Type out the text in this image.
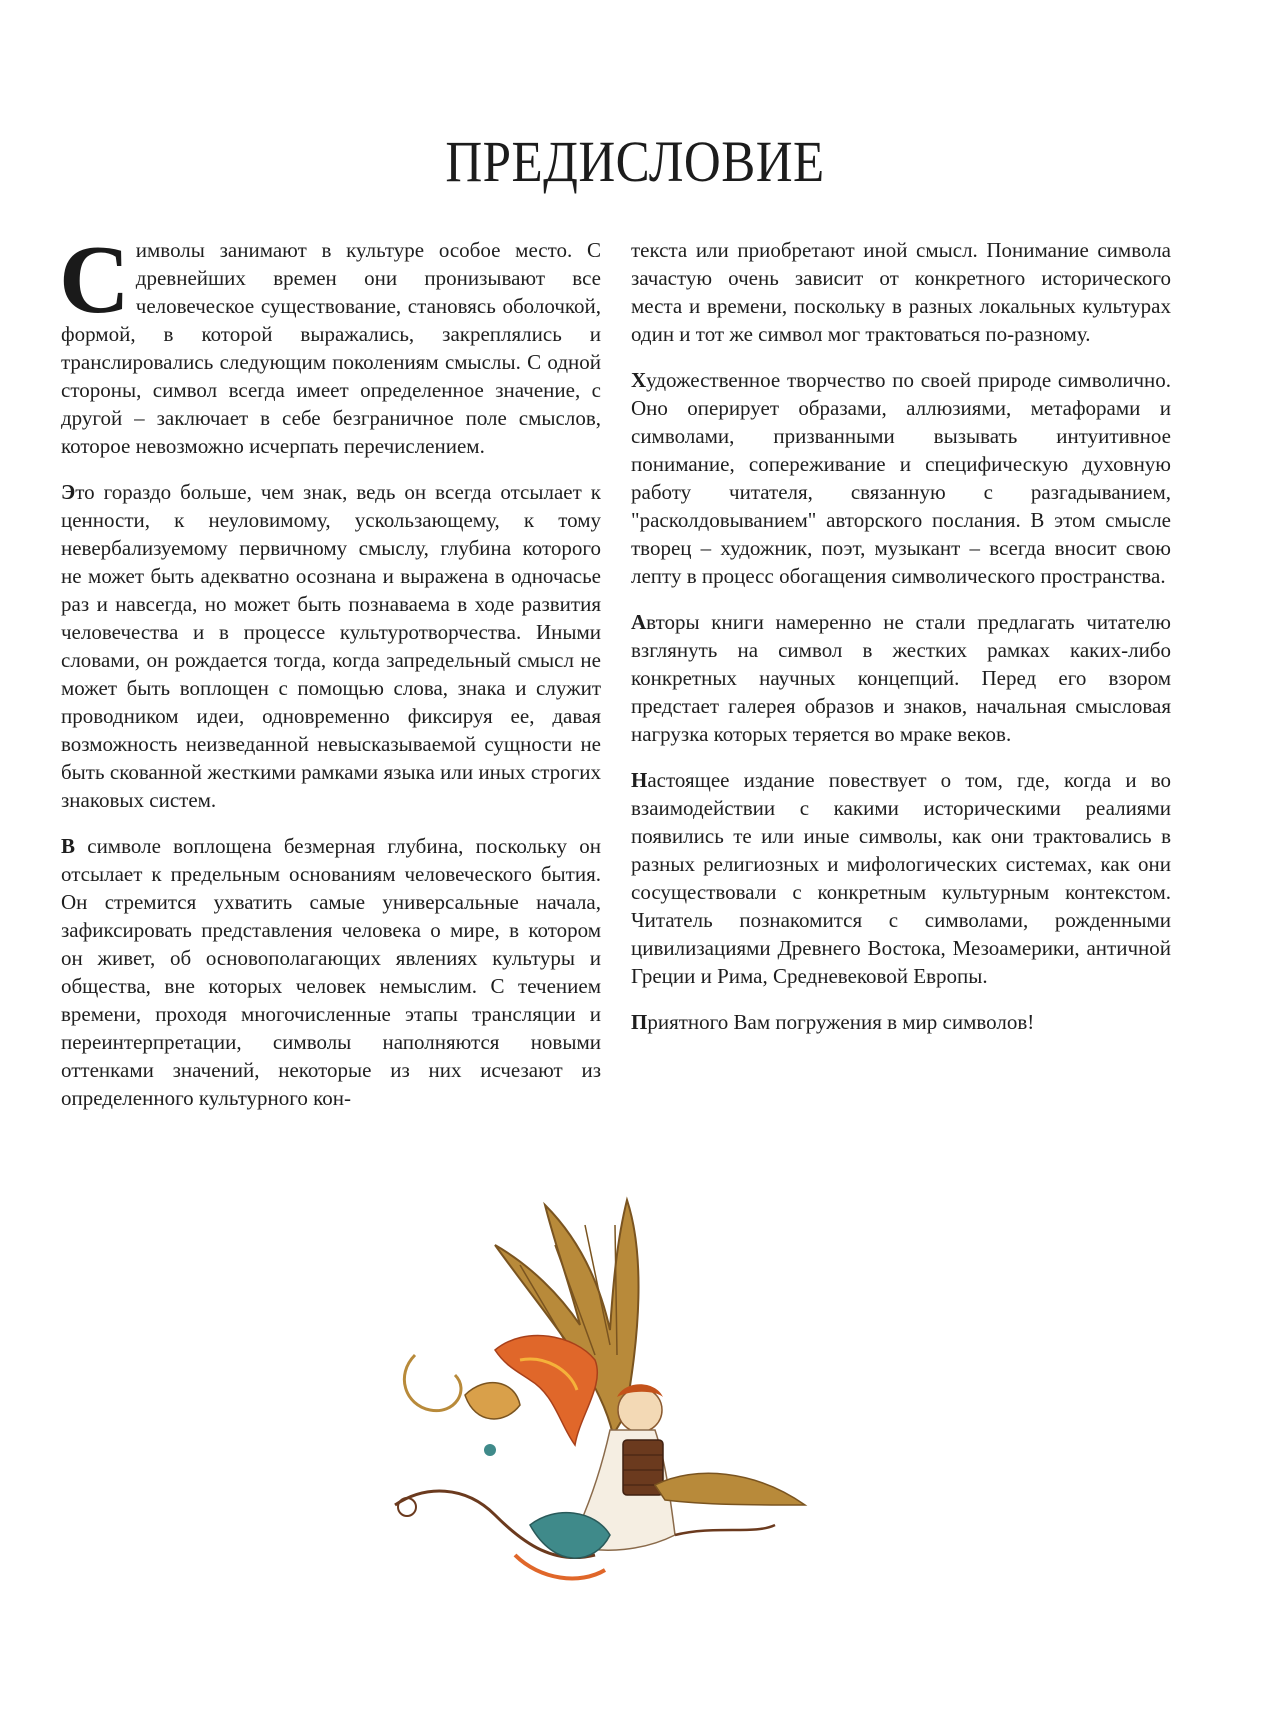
ПРЕДИСЛОВИЕ

Символы занимают в культуре особое место. С древнейших времен они пронизывают все человеческое существование, становясь оболочкой, формой, в которой выражались, закреплялись и транслировались следующим поколениям смыслы. С одной стороны, символ всегда имеет определенное значение, с другой – заключает в себе безграничное поле смыслов, которое невозможно исчерпать перечислением.

Это гораздо больше, чем знак, ведь он всегда отсылает к ценности, к неуловимому, ускользающему, к тому невербализуемому первичному смыслу, глубина которого не может быть адекватно осознана и выражена в одночасье раз и навсегда, но может быть познаваема в ходе развития человечества и в процессе культуротворчества. Иными словами, он рождается тогда, когда запредельный смысл не может быть воплощен с помощью слова, знака и служит проводником идеи, одновременно фиксируя ее, давая возможность неизведанной невысказываемой сущности не быть скованной жесткими рамками языка или иных строгих знаковых систем.

В символе воплощена безмерная глубина, поскольку он отсылает к предельным основаниям человеческого бытия. Он стремится ухватить самые универсальные начала, зафиксировать представления человека о мире, в котором он живет, об основополагающих явлениях культуры и общества, вне которых человек немыслим. С течением времени, проходя многочисленные этапы трансляции и переинтерпретации, символы наполняются новыми оттенками значений, некоторые из них исчезают из определенного культурного кон-

текста или приобретают иной смысл. Понимание символа зачастую очень зависит от конкретного исторического места и времени, поскольку в разных локальных культурах один и тот же символ мог трактоваться по-разному.

Художественное творчество по своей природе символично. Оно оперирует образами, аллюзиями, метафорами и символами, призванными вызывать интуитивное понимание, сопереживание и специфическую духовную работу читателя, связанную с разгадыванием, "расколдовыванием" авторского послания. В этом смысле творец – художник, поэт, музыкант – всегда вносит свою лепту в процесс обогащения символического пространства.

Авторы книги намеренно не стали предлагать читателю взглянуть на символ в жестких рамках каких-либо конкретных научных концепций. Перед его взором предстает галерея образов и знаков, начальная смысловая нагрузка которых теряется во мраке веков.

Настоящее издание повествует о том, где, когда и во взаимодействии с какими историческими реалиями появились те или иные символы, как они трактовались в разных религиозных и мифологических системах, как они сосуществовали с конкретным культурным контекстом. Читатель познакомится с символами, рожденными цивилизациями Древнего Востока, Мезоамерики, античной Греции и Рима, Средневековой Европы.

Приятного Вам погружения в мир символов!
